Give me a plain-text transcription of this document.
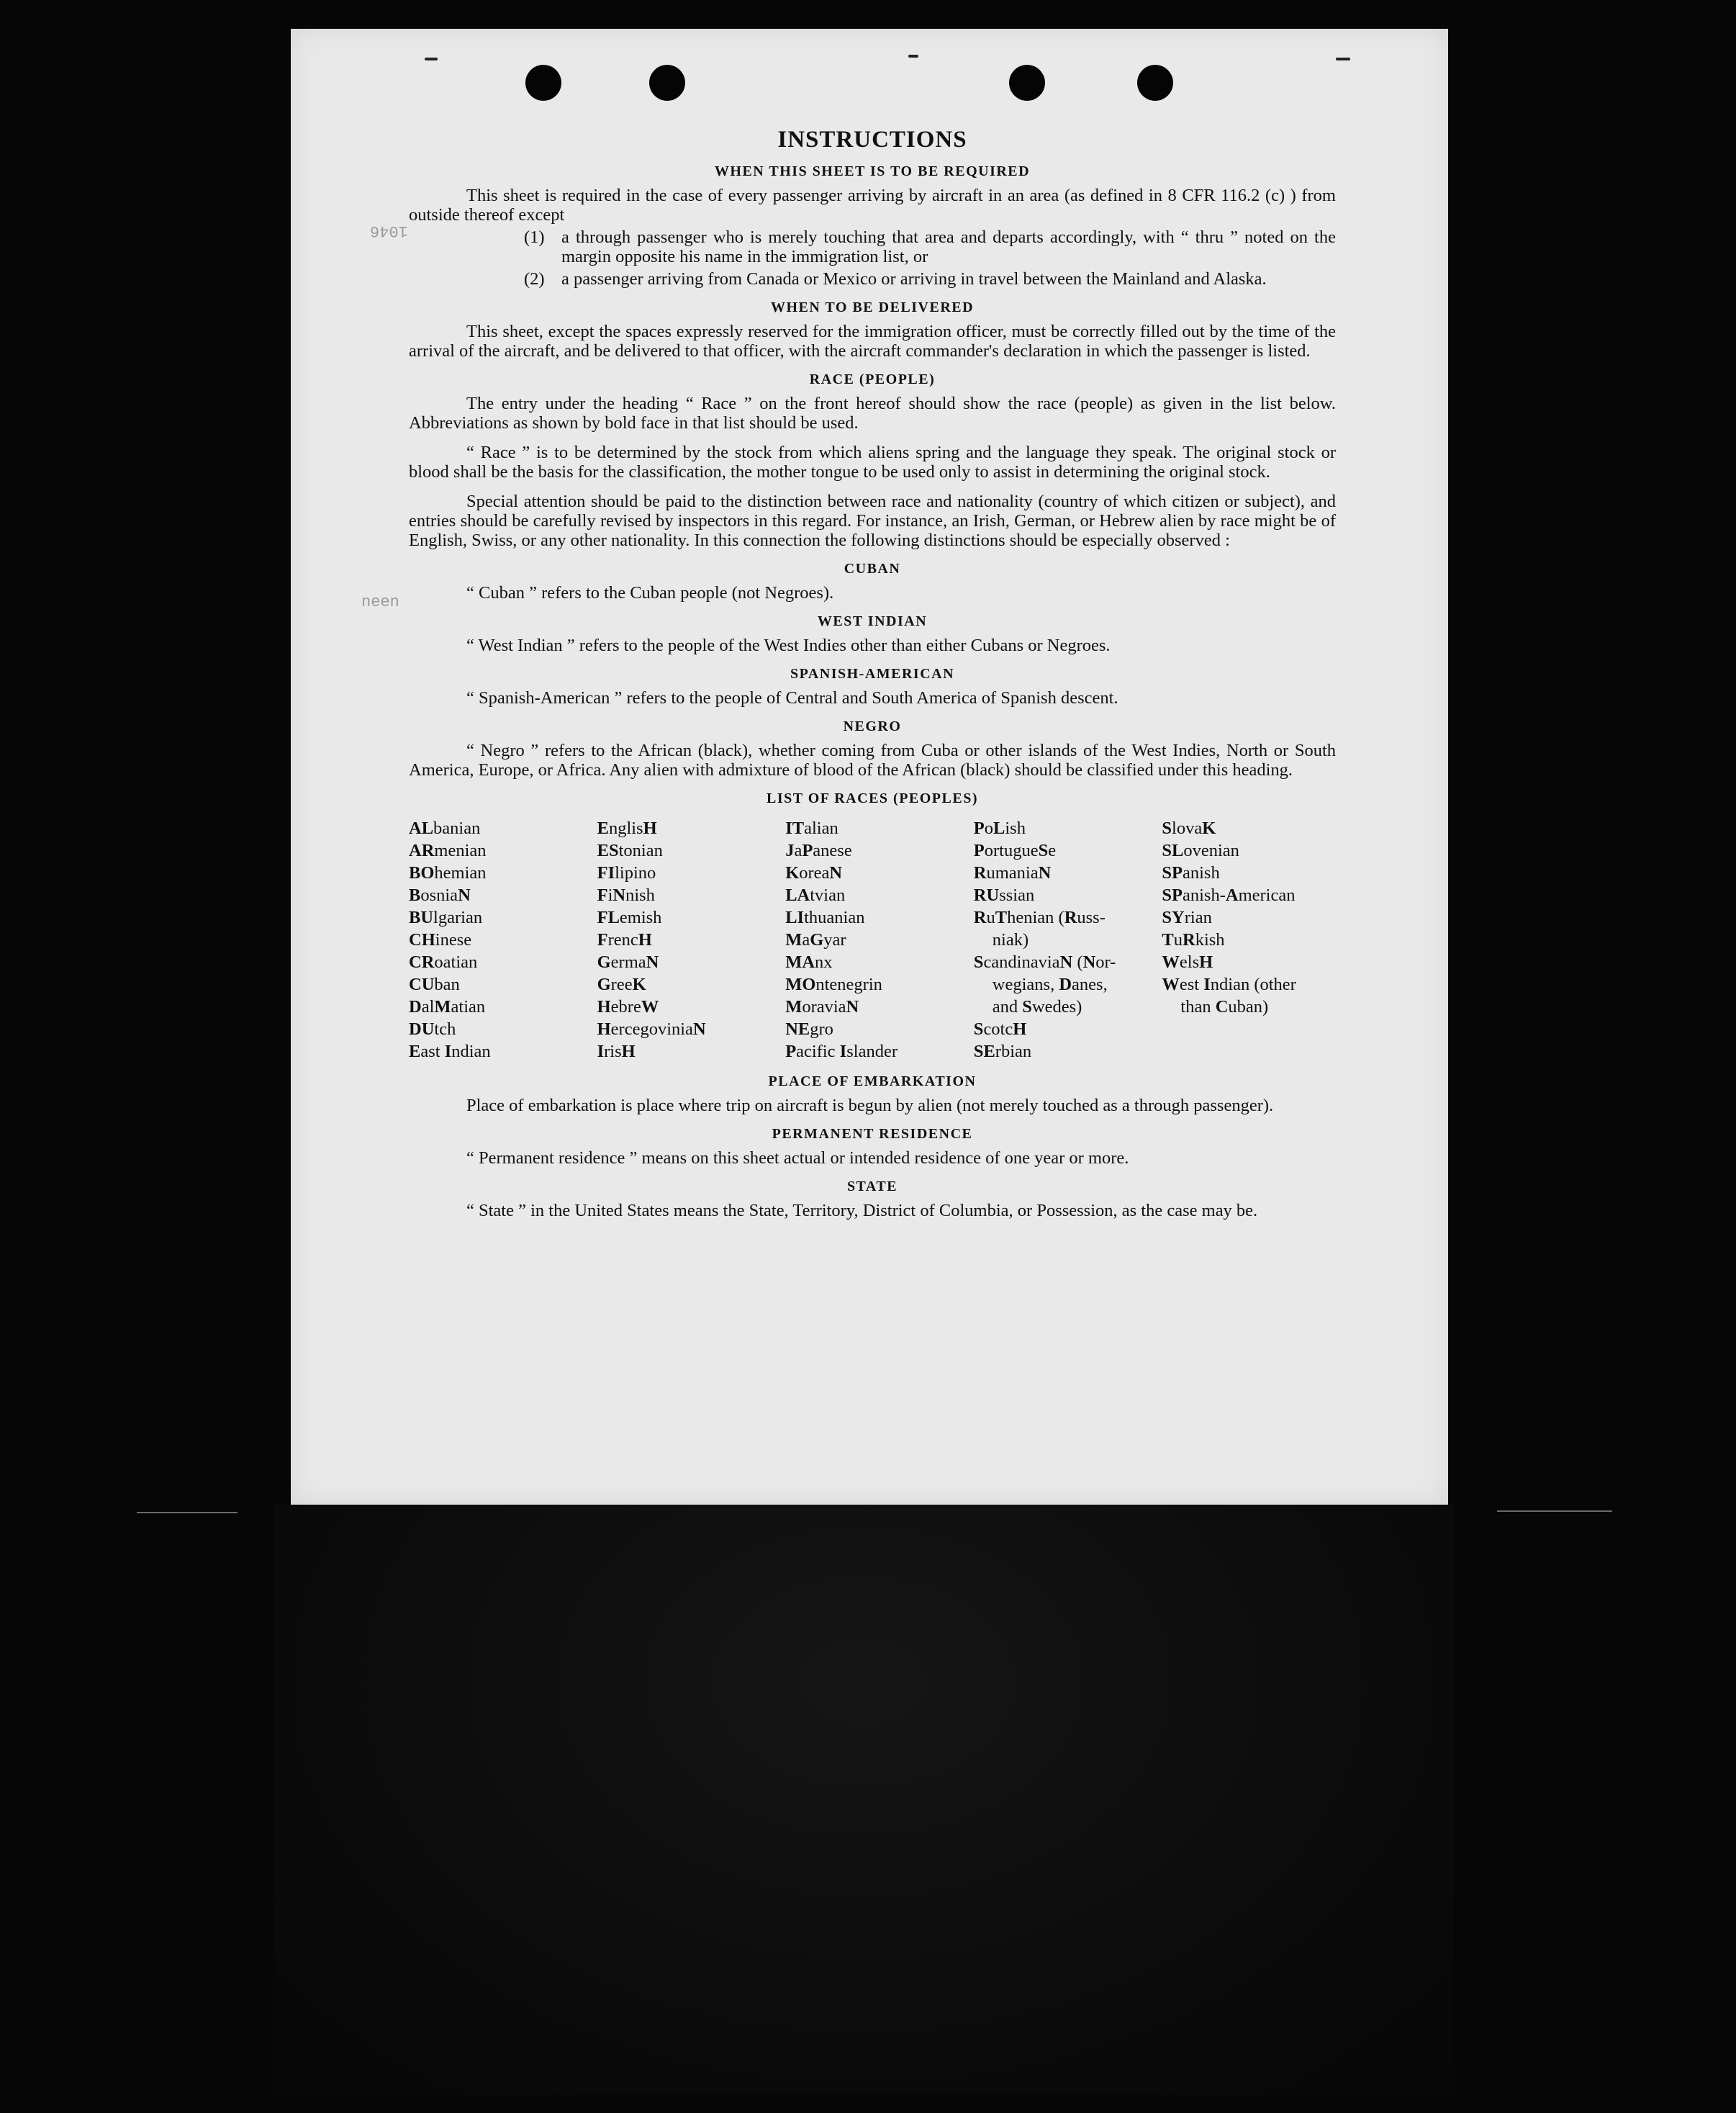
1046
neen
INSTRUCTIONS
WHEN THIS SHEET IS TO BE REQUIRED

This sheet is required in the case of every passenger arriving by aircraft in an area (as defined in 8 CFR 116.2 (c) ) from outside thereof except

(1) a through passenger who is merely touching that area and departs accordingly, with “ thru ” noted on the margin opposite his name in the immigration list, or
(2) a passenger arriving from Canada or Mexico or arriving in travel between the Mainland and Alaska.
WHEN TO BE DELIVERED

This sheet, except the spaces expressly reserved for the immigration officer, must be correctly filled out by the time of the arrival of the aircraft, and be delivered to that officer, with the aircraft commander's declaration in which the passenger is listed.

RACE (PEOPLE)

The entry under the heading “ Race ” on the front hereof should show the race (people) as given in the list below. Abbreviations as shown by bold face in that list should be used.

“ Race ” is to be determined by the stock from which aliens spring and the language they speak. The original stock or blood shall be the basis for the classification, the mother tongue to be used only to assist in determining the original stock.

Special attention should be paid to the distinction between race and nationality (country of which citizen or subject), and entries should be carefully revised by inspectors in this regard. For instance, an Irish, German, or Hebrew alien by race might be of English, Swiss, or any other nationality. In this connection the following distinctions should be especially observed :

CUBAN

“ Cuban ” refers to the Cuban people (not Negroes).

WEST INDIAN

“ West Indian ” refers to the people of the West Indies other than either Cubans or Negroes.

SPANISH-AMERICAN

“ Spanish-American ” refers to the people of Central and South America of Spanish descent.

NEGRO

“ Negro ” refers to the African (black), whether coming from Cuba or other islands of the West Indies, North or South America, Europe, or Africa. Any alien with admixture of blood of the African (black) should be classified under this heading.

LIST OF RACES (PEOPLES)
ALbanian
ARmenian
BOhemian
BosniaN
BUlgarian
CHinese
CRoatian
CUban
DalMatian
DUtch
East Indian
EnglisH
EStonian
FIlipino
FiNnish
FLemish
FrencH
GermaN
GreeK
HebreW
HercegoviniaN
IrisH
ITalian
JaPanese
KoreaN
LAtvian
LIthuanian
MaGyar
MAnx
MOntenegrin
MoraviaN
NEgro
Pacific Islander
PoLish
PortugueSe
RumaniaN
RUssian
RuThenian (Russ-
niak)
ScandinaviaN (Nor-
wegians, Danes,
and Swedes)
ScotcH
SErbian
SlovaK
SLovenian
SPanish
SPanish-American
SYrian
TuRkish
WelsH
West Indian (other
than Cuban)
PLACE OF EMBARKATION

Place of embarkation is place where trip on aircraft is begun by alien (not merely touched as a through passenger).

PERMANENT RESIDENCE

“ Permanent residence ” means on this sheet actual or intended residence of one year or more.

STATE

“ State ” in the United States means the State, Territory, District of Columbia, or Possession, as the case may be.
